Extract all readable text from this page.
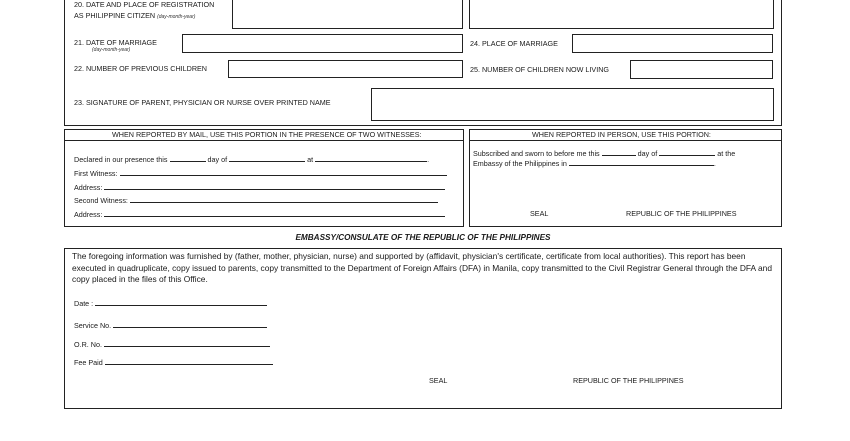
20. DATE AND PLACE OF REGISTRATION
AS PHILIPPINE CITIZEN (day-month-year)
21. DATE OF MARRIAGE
(day-month-year)
24. PLACE OF MARRIAGE
22. NUMBER OF PREVIOUS CHILDREN	25. NUMBER OF CHILDREN NOW LIVING
23. SIGNATURE OF PARENT, PHYSICIAN OR NURSE OVER PRINTED NAME
WHEN REPORTED BY MAIL, USE THIS PORTION IN THE PRESENCE OF TWO WITNESSES:
Declared in our presence this	day of	at	.
First Witness:
Address:
Second Witness:
Address:
WHEN REPORTED IN PERSON, USE THIS PORTION:
Subscribed and sworn to before me this	day of	at the
Embassy of the Philippines in	.
SEAL	REPUBLIC OF THE PHILIPPINES
EMBASSY/CONSULATE OF THE REPUBLIC OF THE PHILIPPINES
The foregoing information was furnished by (father, mother, physician, nurse) and supported by (affidavit, physician's certificate, certificate from local authorities). This report has been executed in quadruplicate, copy issued to parents, copy transmitted to the Department of Foreign Affairs (DFA) in Manila, copy transmitted to the Civil Registrar General through the DFA and copy placed in the files of this Office.
Date :
Service No.
O.R. No.
Fee Paid
SEAL	REPUBLIC OF THE PHILIPPINES
